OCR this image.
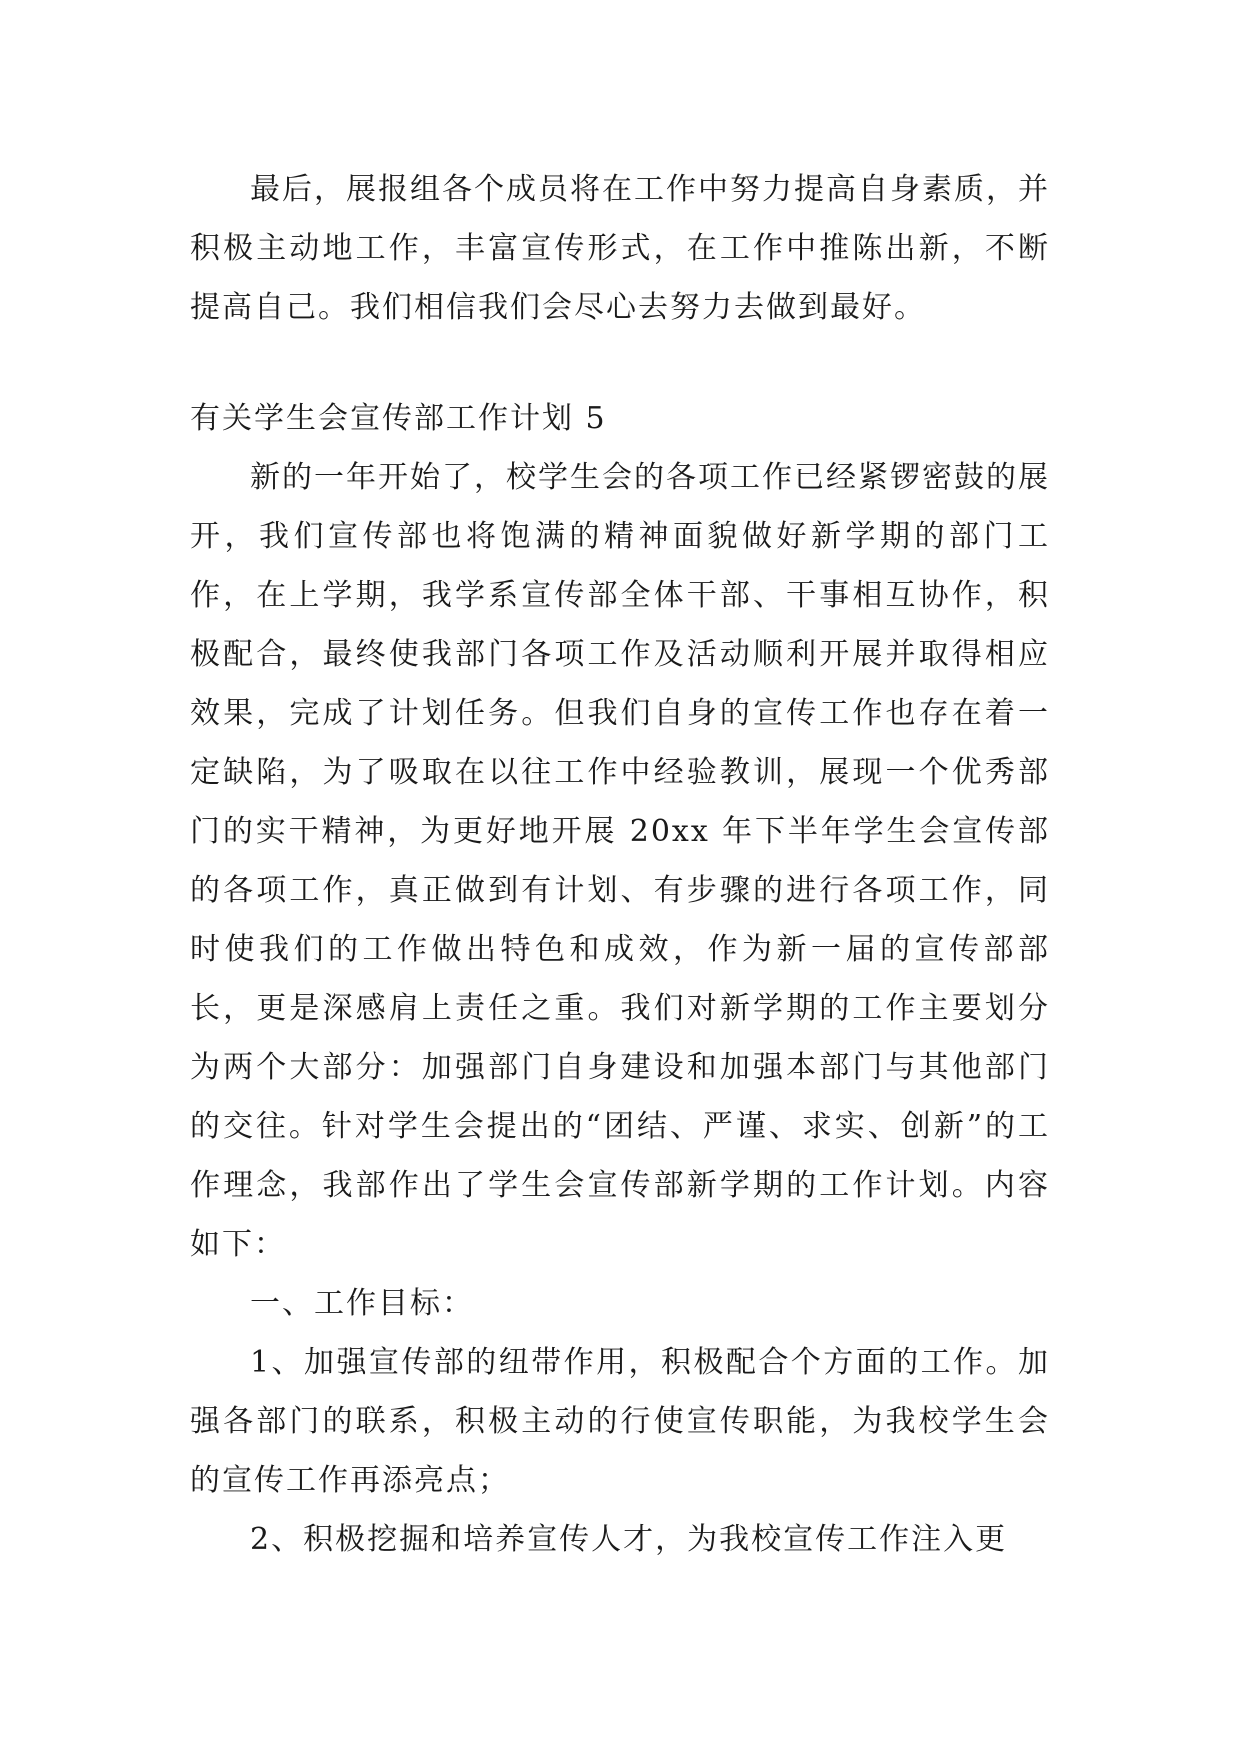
最后，展报组各个成员将在工作中努力提高自身素质，并积极主动地工作，丰富宣传形式，在工作中推陈出新，不断提高自己。我们相信我们会尽心去努力去做到最好。

有关学生会宣传部工作计划 5

新的一年开始了，校学生会的各项工作已经紧锣密鼓的展开，我们宣传部也将饱满的精神面貌做好新学期的部门工作，在上学期，我学系宣传部全体干部、干事相互协作，积极配合，最终使我部门各项工作及活动顺利开展并取得相应效果，完成了计划任务。但我们自身的宣传工作也存在着一定缺陷，为了吸取在以往工作中经验教训，展现一个优秀部门的实干精神，为更好地开展 20xx 年下半年学生会宣传部的各项工作，真正做到有计划、有步骤的进行各项工作，同时使我们的工作做出特色和成效，作为新一届的宣传部部长，更是深感肩上责任之重。我们对新学期的工作主要划分为两个大部分：加强部门自身建设和加强本部门与其他部门的交往。针对学生会提出的“团结、严谨、求实、创新”的工作理念，我部作出了学生会宣传部新学期的工作计划。内容如下：

一、工作目标：

1、加强宣传部的纽带作用，积极配合个方面的工作。加强各部门的联系，积极主动的行使宣传职能，为我校学生会的宣传工作再添亮点；

2、积极挖掘和培养宣传人才，为我校宣传工作注入更
